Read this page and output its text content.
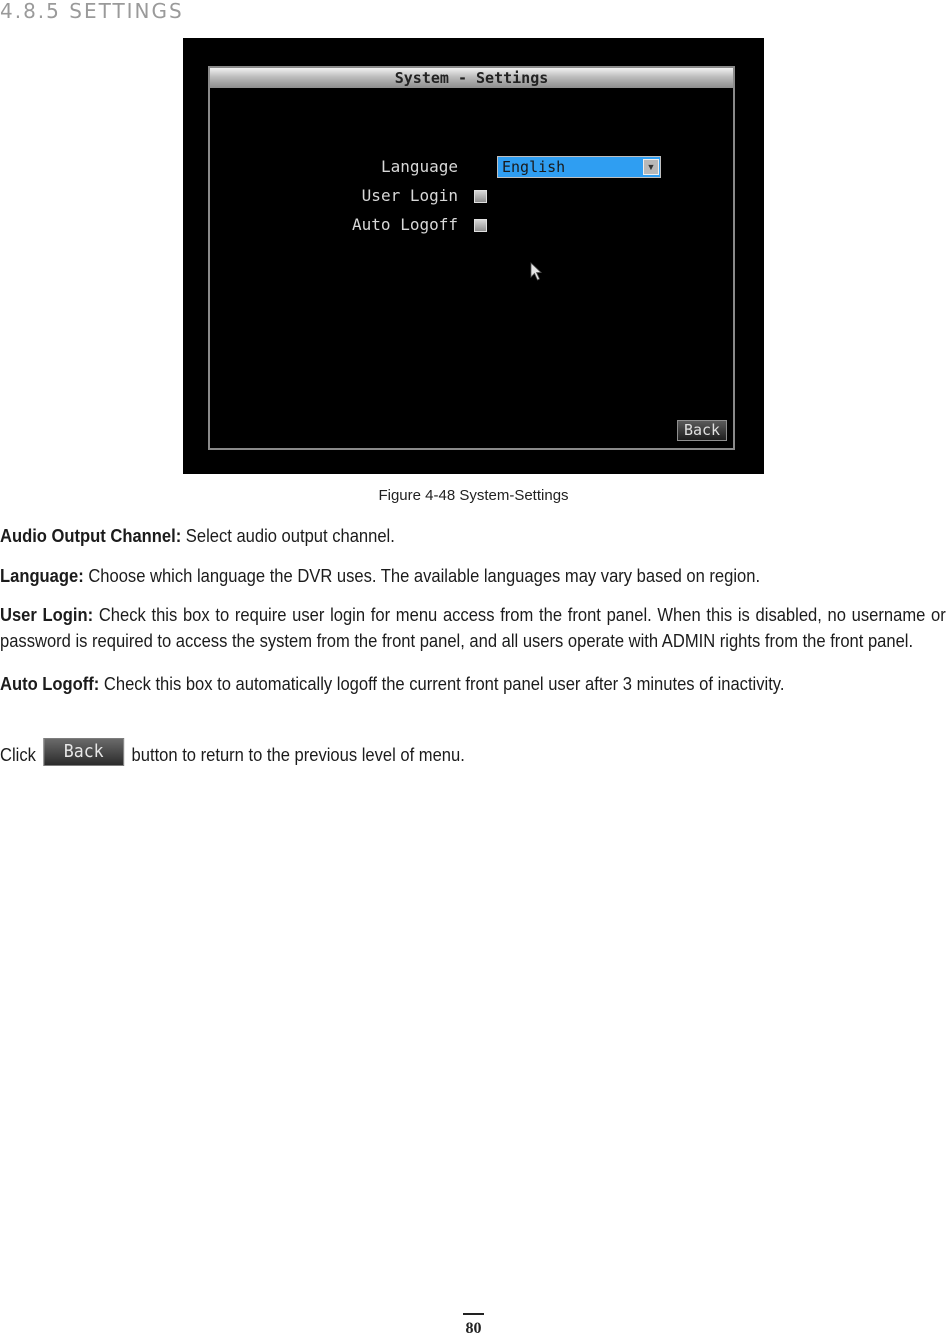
4.8.5 SETTINGS
System - Settings
Language	English	▼
User Login
Auto Logoff
Back
Figure 4-48 System-Settings
Audio Output Channel: Select audio output channel.
Language: Choose which language the DVR uses. The available languages may vary based on region.
User Login: Check this box to require user login for menu access from the front panel. When this is disabled, no username or password is required to access the system from the front panel, and all users operate with ADMIN rights from the front panel.
Auto Logoff: Check this box to automatically logoff the current front panel user after 3 minutes of inactivity.
Click Back button to return to the previous level of menu.
80
